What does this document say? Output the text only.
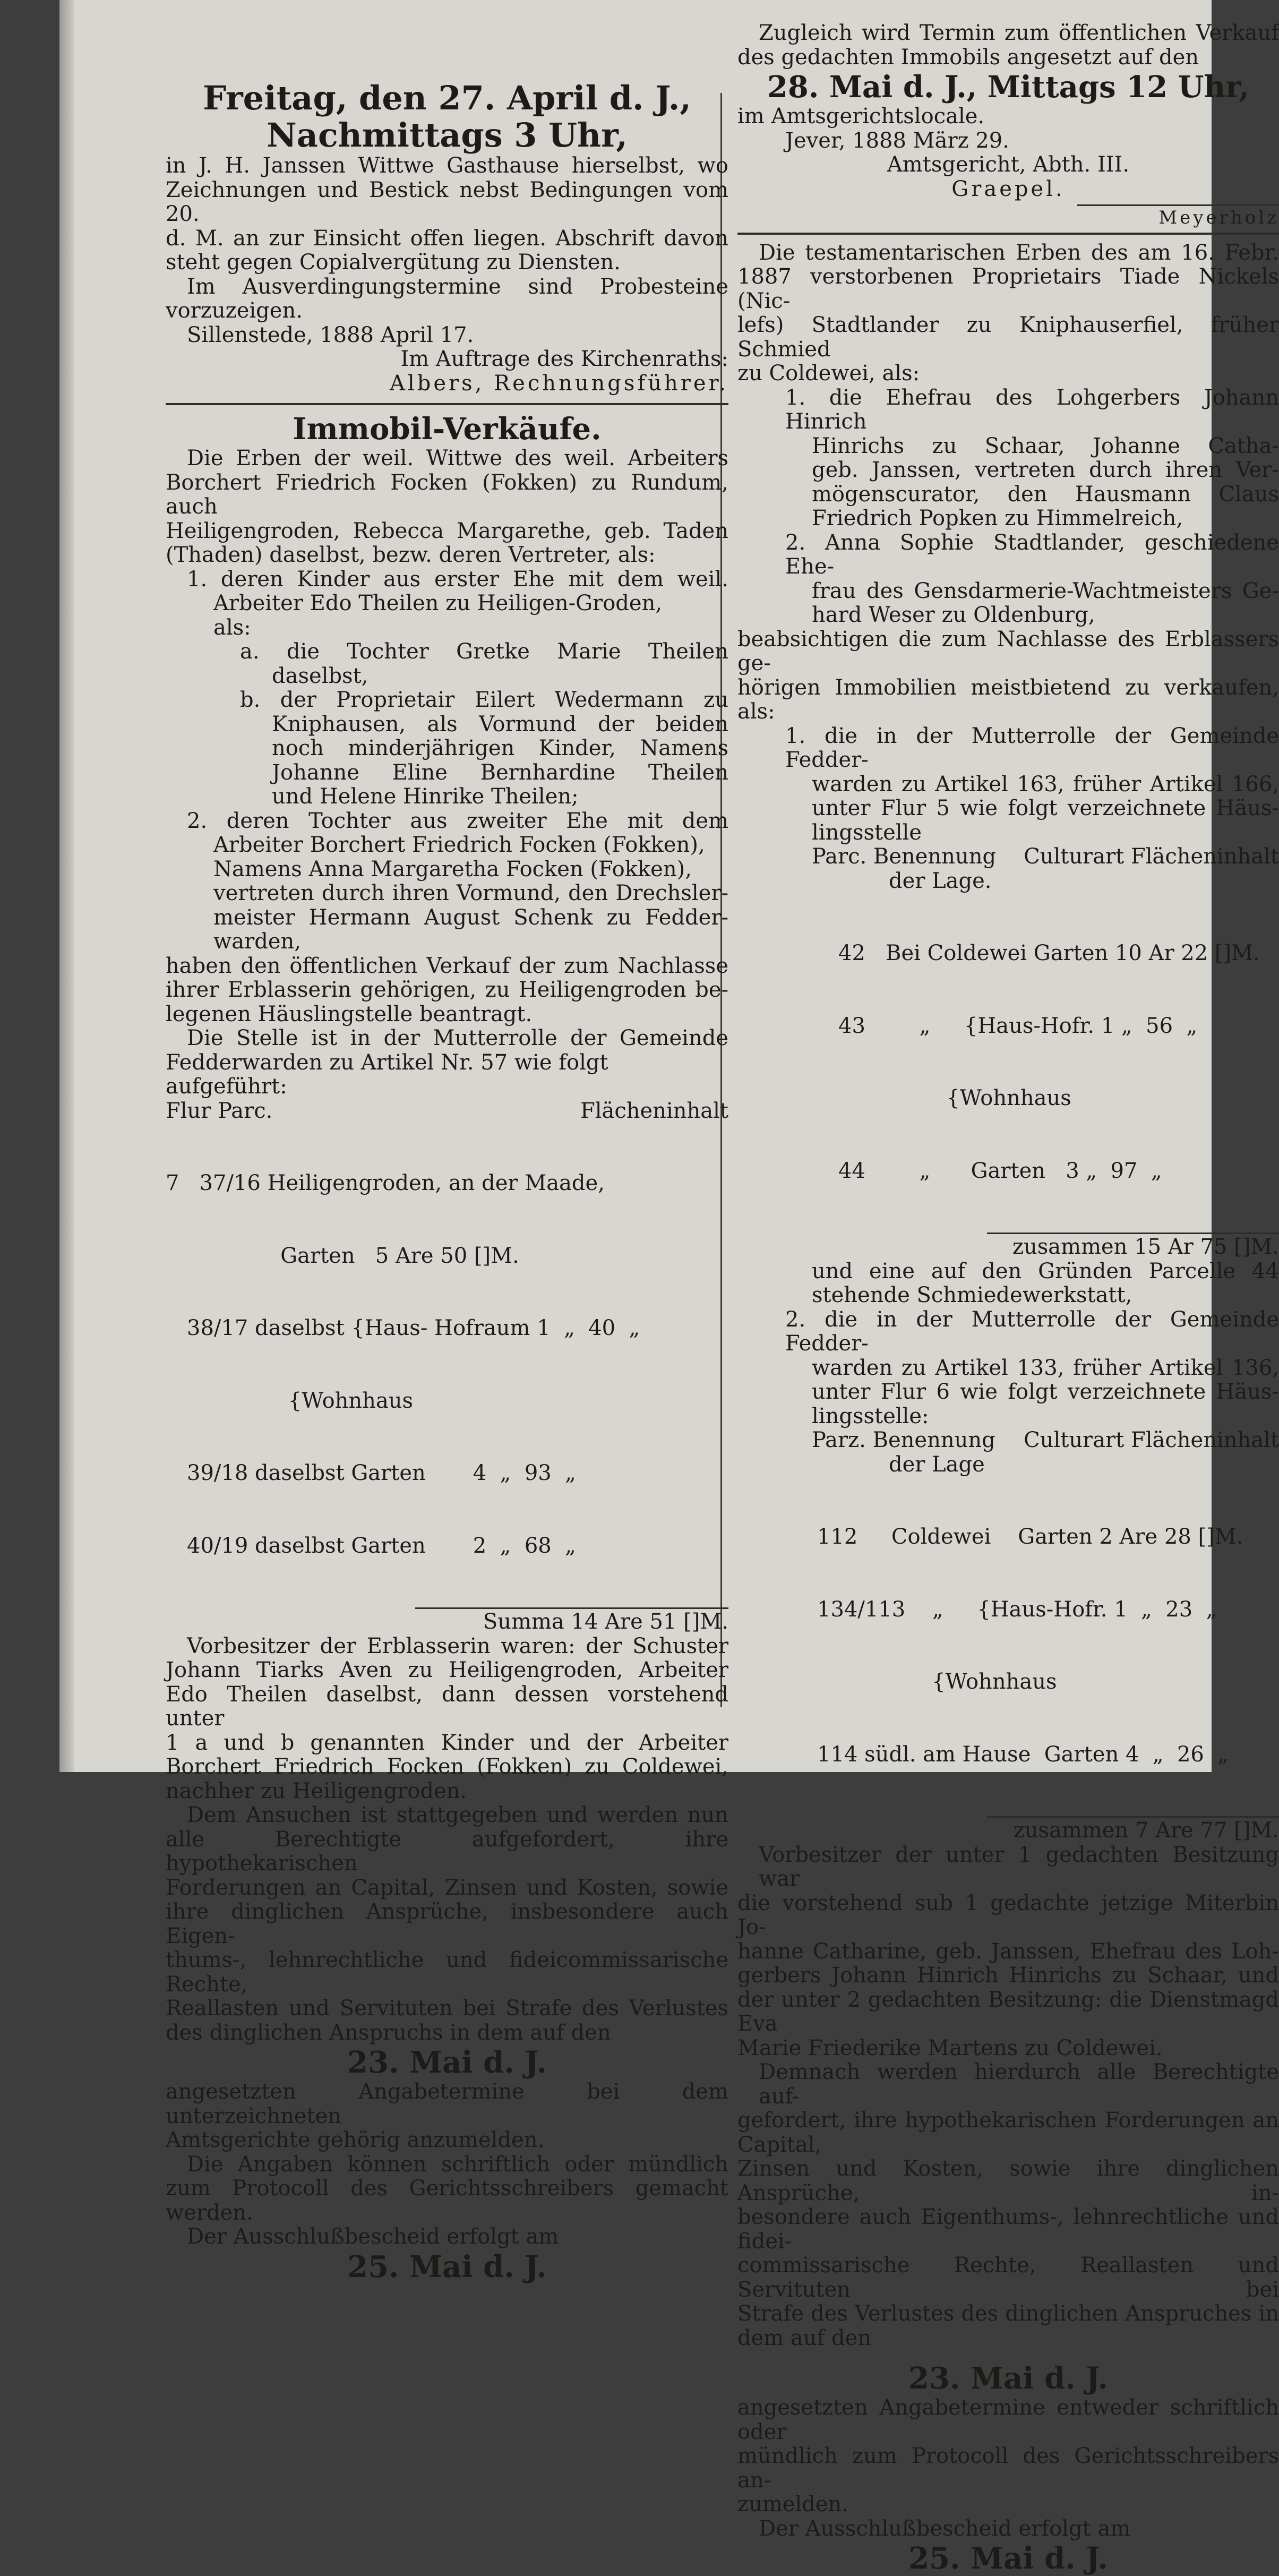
Freitag, den 27. April d. J.,
Nachmittags 3 Uhr,

in J. H. Janssen Wittwe Gasthause hierselbst, wo

Zeichnungen und Bestick nebst Bedingungen vom 20.

d. M. an zur Einsicht offen liegen. Abschrift davon

steht gegen Copialvergütung zu Diensten.

Im Ausverdingungstermine sind Probesteine

vorzuzeigen.

Sillenstede, 1888 April 17.

Im Auftrage des Kirchenraths:

Albers, Rechnungsführer.

Immobil-Verkäufe.

Die Erben der weil. Wittwe des weil. Arbeiters

Borchert Friedrich Focken (Fokken) zu Rundum, auch

Heiligengroden, Rebecca Margarethe, geb. Taden

(Thaden) daselbst, bezw. deren Vertreter, als:

1. deren Kinder aus erster Ehe mit dem weil.

Arbeiter Edo Theilen zu Heiligen-Groden,

als:

a. die Tochter Gretke Marie Theilen

daselbst,

b. der Proprietair Eilert Wedermann zu

Kniphausen, als Vormund der beiden

noch minderjährigen Kinder, Namens

Johanne Eline Bernhardine Theilen

und Helene Hinrike Theilen;

2. deren Tochter aus zweiter Ehe mit dem

Arbeiter Borchert Friedrich Focken (Fokken),

Namens Anna Margaretha Focken (Fokken),

vertreten durch ihren Vormund, den Drechsler-

meister Hermann August Schenk zu Fedder-

warden,

haben den öffentlichen Verkauf der zum Nachlasse

ihrer Erblasserin gehörigen, zu Heiligengroden be-

legenen Häuslingstelle beantragt.

Die Stelle ist in der Mutterrolle der Gemeinde

Fedderwarden zu Artikel Nr. 57 wie folgt aufgeführt:

Flur Parc.	Flächeninhalt

7   37/16 Heiligengroden, an der Maade,

Garten   5 Are 50 []M.

38/17 daselbst {Haus- Hofraum 1  „  40  „

{Wohnhaus

39/18 daselbst Garten       4  „  93  „

40/19 daselbst Garten       2  „  68  „

Summa 14 Are 51 []M.

Vorbesitzer der Erblasserin waren: der Schuster

Johann Tiarks Aven zu Heiligengroden, Arbeiter

Edo Theilen daselbst, dann dessen vorstehend unter

1 a und b genannten Kinder und der Arbeiter

Borchert Friedrich Focken (Fokken) zu Coldewei,

nachher zu Heiligengroden.

Dem Ansuchen ist stattgegeben und werden nun

alle Berechtigte aufgefordert, ihre hypothekarischen

Forderungen an Capital, Zinsen und Kosten, sowie

ihre dinglichen Ansprüche, insbesondere auch Eigen-

thums-, lehnrechtliche und fideicommissarische Rechte,

Reallasten und Servituten bei Strafe des Verlustes

des dinglichen Anspruchs in dem auf den

23. Mai d. J.

angesetzten Angabetermine bei dem unterzeichneten

Amtsgerichte gehörig anzumelden.

Die Angaben können schriftlich oder mündlich

zum Protocoll des Gerichtsschreibers gemacht werden.

Der Ausschlußbescheid erfolgt am

25. Mai d. J.

Zugleich wird Termin zum öffentlichen Verkauf

des gedachten Immobils angesetzt auf den

28. Mai d. J., Mittags 12 Uhr,

im Amtsgerichtslocale.

Jever, 1888 März 29.

Amtsgericht, Abth. III.

Graepel.

Meyerholz

Die testamentarischen Erben des am 16. Febr.

1887 verstorbenen Proprietairs Tiade Nickels (Nic-

lefs) Stadtlander zu Kniphauserfiel, früher Schmied

zu Coldewei, als:

1. die Ehefrau des Lohgerbers Johann Hinrich

Hinrichs zu Schaar, Johanne Catha-

geb. Janssen, vertreten durch ihren Ver-

mögenscurator, den Hausmann Claus

Friedrich Popken zu Himmelreich,

2. Anna Sophie Stadtlander, geschiedene Ehe-

frau des Gensdarmerie-Wachtmeisters Ge-

hard Weser zu Oldenburg,

beabsichtigen die zum Nachlasse des Erblassers ge-

hörigen Immobilien meistbietend zu verkaufen, als:

1. die in der Mutterrolle der Gemeinde Fedder-

warden zu Artikel 163, früher Artikel 166,

unter Flur 5 wie folgt verzeichnete Häus-

lingsstelle

Parc. Benennung Culturart Flächeninhalt

der Lage.

42   Bei Coldewei Garten 10 Ar 22 []M.

43        „     {Haus-Hofr. 1 „  56  „

{Wohnhaus

44        „      Garten   3 „  97  „

zusammen 15 Ar 75 []M.

und eine auf den Gründen Parcelle 44

stehende Schmiedewerkstatt,

2. die in der Mutterrolle der Gemeinde Fedder-

warden zu Artikel 133, früher Artikel 136,

unter Flur 6 wie folgt verzeichnete Häus-

lingsstelle:

Parz. Benennung Culturart Flächeninhalt

der Lage

112     Coldewei    Garten 2 Are 28 []M.

134/113    „     {Haus-Hofr. 1  „  23  „

{Wohnhaus

114 südl. am Hause  Garten 4  „  26  „

zusammen 7 Are 77 []M.

Vorbesitzer der unter 1 gedachten Besitzung war

die vorstehend sub 1 gedachte jetzige Miterbin Jo-

hanne Catharine, geb. Janssen, Ehefrau des Loh-

gerbers Johann Hinrich Hinrichs zu Schaar, und

der unter 2 gedachten Besitzung: die Dienstmagd Eva

Marie Friederike Martens zu Coldewei.

Demnach werden hierdurch alle Berechtigte auf-

gefordert, ihre hypothekarischen Forderungen an Capital,

Zinsen und Kosten, sowie ihre dinglichen Ansprüche, in-

besondere auch Eigenthums-, lehnrechtliche und fidei-

commissarische Rechte, Reallasten und Servituten bei

Strafe des Verlustes des dinglichen Anspruches in

dem auf den

23. Mai d. J.

angesetzten Angabetermine entweder schriftlich oder

mündlich zum Protocoll des Gerichtsschreibers an-

zumelden.

Der Ausschlußbescheid erfolgt am

25. Mai d. J.
